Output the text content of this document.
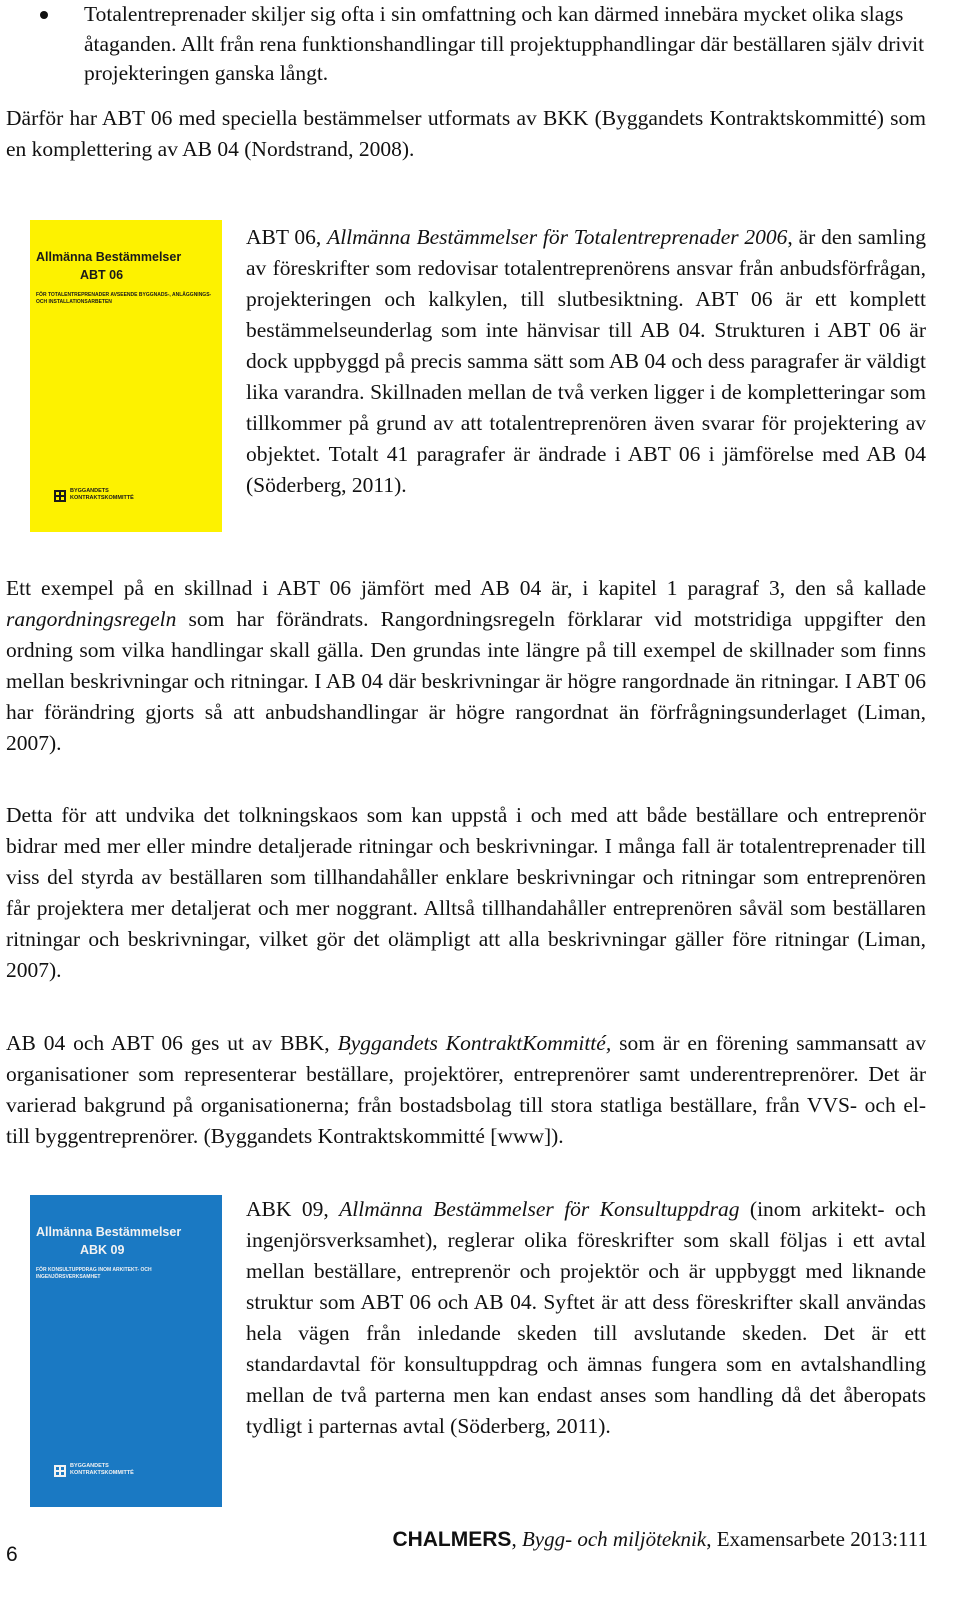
Totalentreprenader skiljer sig ofta i sin omfattning och kan därmed innebära mycket olika slags åtaganden. Allt från rena funktionshandlingar till projektupphandlingar där beställaren själv drivit projekteringen ganska långt.

Därför har ABT 06 med speciella bestämmelser utformats av BKK (Byggandets Kontraktskommitté) som en komplettering av AB 04 (Nordstrand, 2008).

Allmänna Bestämmelser
ABT 06
FÖR TOTALENTREPRENADER AVSEENDE BYGGNADS-, ANLÄGGNINGS- OCH INSTALLATIONSARBETEN
BYGGANDETS
KONTRAKTSKOMMITTÉ

ABT 06, Allmänna Bestämmelser för Totalentreprenader 2006, är den samling av föreskrifter som redovisar totalentreprenörens ansvar från anbudsförfrågan, projekteringen och kalkylen, till slutbesiktning. ABT 06 är ett komplett bestämmelseunderlag som inte hänvisar till AB 04. Strukturen i ABT 06 är dock uppbyggd på precis samma sätt som AB 04 och dess paragrafer är väldigt lika varandra. Skillnaden mellan de två verken ligger i de kompletteringar som tillkommer på grund av att totalentreprenören även svarar för projektering av objektet. Totalt 41 paragrafer är ändrade i ABT 06 i jämförelse med AB 04 (Söderberg, 2011).

Ett exempel på en skillnad i ABT 06 jämfört med AB 04 är, i kapitel 1 paragraf 3, den så kallade rangordningsregeln som har förändrats. Rangordningsregeln förklarar vid motstridiga uppgifter den ordning som vilka handlingar skall gälla. Den grundas inte längre på till exempel de skillnader som finns mellan beskrivningar och ritningar. I AB 04 där beskrivningar är högre rangordnade än ritningar. I ABT 06 har förändring gjorts så att anbudshandlingar är högre rangordnat än förfrågningsunderlaget (Liman, 2007).

Detta för att undvika det tolkningskaos som kan uppstå i och med att både beställare och entreprenör bidrar med mer eller mindre detaljerade ritningar och beskrivningar. I många fall är totalentreprenader till viss del styrda av beställaren som tillhandahåller enklare beskrivningar och ritningar som entreprenören får projektera mer detaljerat och mer noggrant. Alltså tillhandahåller entreprenören såväl som beställaren ritningar och beskrivningar, vilket gör det olämpligt att alla beskrivningar gäller före ritningar (Liman, 2007).

AB 04 och ABT 06 ges ut av BBK, Byggandets KontraktKommitté, som är en förening sammansatt av organisationer som representerar beställare, projektörer, entreprenörer samt underentreprenörer. Det är varierad bakgrund på organisationerna; från bostadsbolag till stora statliga beställare, från VVS- och el- till byggentreprenörer. (Byggandets Kontraktskommitté [www]).

Allmänna Bestämmelser
ABK 09
FÖR KONSULTUPPDRAG INOM ARKITEKT- OCH INGENJÖRSVERKSAMHET
BYGGANDETS
KONTRAKTSKOMMITTÉ

ABK 09, Allmänna Bestämmelser för Konsultuppdrag (inom arkitekt- och ingenjörsverksamhet), reglerar olika föreskrifter som skall följas i ett avtal mellan beställare, entreprenör och projektör och är uppbyggt med liknande struktur som ABT 06 och AB 04. Syftet är att dess föreskrifter skall användas hela vägen från inledande skeden till avslutande skeden. Det är ett standardavtal för konsultuppdrag och ämnas fungera som en avtalshandling mellan de två parterna men kan endast anses som handling då det åberopats tydligt i parternas avtal (Söderberg, 2011).

6
CHALMERS, Bygg- och miljöteknik, Examensarbete 2013:111
